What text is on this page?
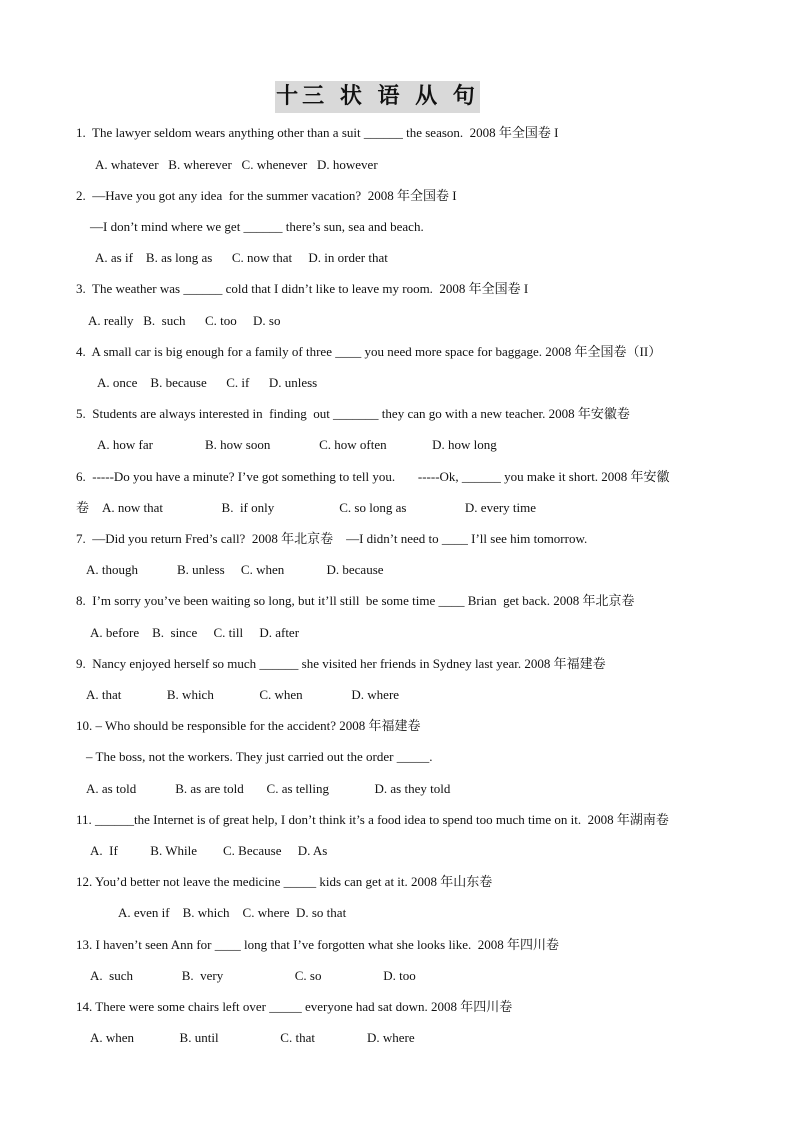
十三 状 语 从 句
1.  The lawyer seldom wears anything other than a suit ______ the season.  2008 年全国卷 I
A. whatever   B. wherever   C. whenever   D. however
2.  —Have you got any idea  for the summer vacation?  2008 年全国卷 I
—I don’t mind where we get ______ there’s sun, sea and beach.
A. as if    B. as long as      C. now that     D. in order that
3.  The weather was ______ cold that I didn’t like to leave my room.  2008 年全国卷 I
A. really   B.  such      C. too     D. so
4.  A small car is big enough for a family of three ____ you need more space for baggage. 2008 年全国卷（II）
A. once    B. because      C. if      D. unless
5.  Students are always interested in  finding  out _______ they can go with a new teacher. 2008 年安徽卷
A. how far                B. how soon               C. how often              D. how long
6.  -----Do you have a minute? I’ve got something to tell you.       -----Ok, ______ you make it short. 2008 年安徽
卷    A. now that                  B.  if only                    C. so long as                  D. every time
7.  —Did you return Fred’s call?  2008 年北京卷    —I didn’t need to ____ I’ll see him tomorrow.
A. though            B. unless     C. when             D. because
8.  I’m sorry you’ve been waiting so long, but it’ll still  be some time ____ Brian  get back. 2008 年北京卷
A. before    B.  since     C. till     D. after
9.  Nancy enjoyed herself so much ______ she visited her friends in Sydney last year. 2008 年福建卷
A. that              B. which              C. when               D. where
10. – Who should be responsible for the accident? 2008 年福建卷
– The boss, not the workers. They just carried out the order _____.
A. as told            B. as are told       C. as telling              D. as they told
11. ______the Internet is of great help, I don’t think it’s a food idea to spend too much time on it.  2008 年湖南卷
A.  If          B. While        C. Because     D. As
12. You’d better not leave the medicine _____ kids can get at it. 2008 年山东卷
A. even if    B. which    C. where  D. so that
13. I haven’t seen Ann for ____ long that I’ve forgotten what she looks like.  2008 年四川卷
A.  such               B.  very                      C. so                   D. too
14. There were some chairs left over _____ everyone had sat down. 2008 年四川卷
A. when              B. until                   C. that                D. where
